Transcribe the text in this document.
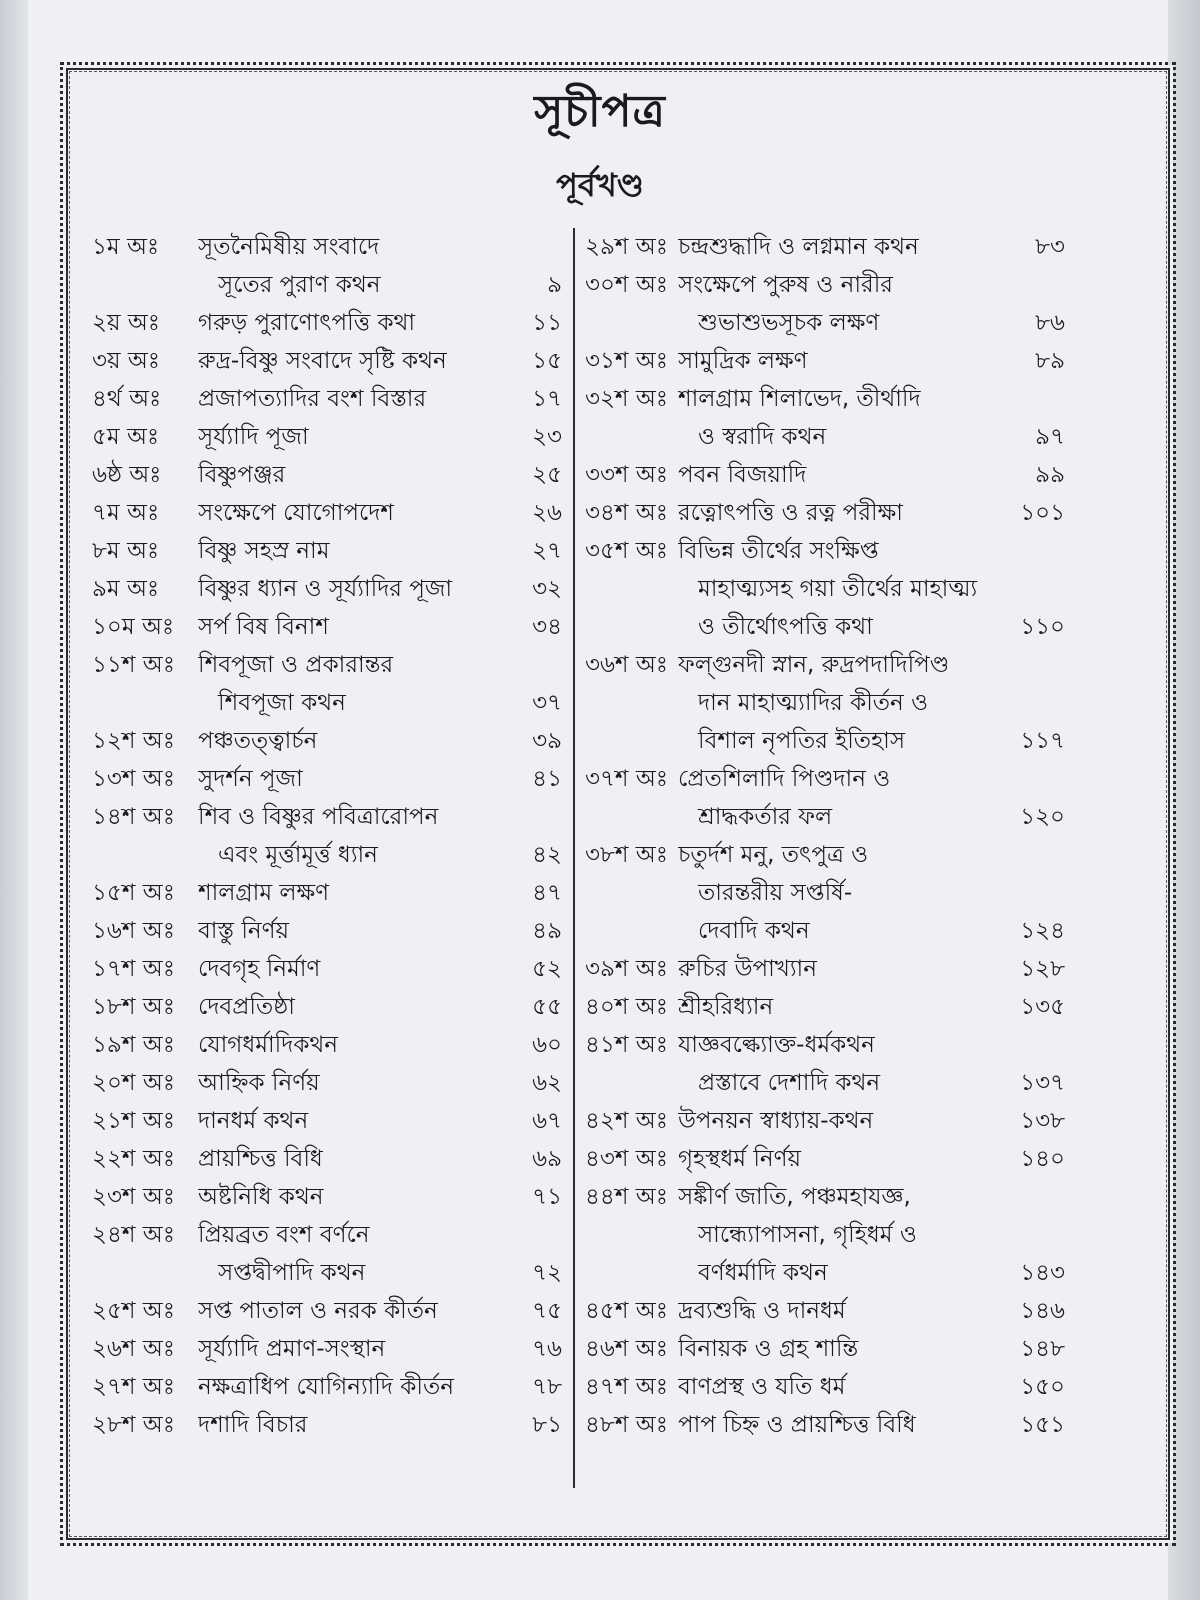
সূচীপত্র
পূর্বখণ্ড
১ম অঃ	সূতনৈমিষীয় সংবাদে
সূতের পুরাণ কথন	৯
২য় অঃ	গরুড় পুরাণোৎপত্তি কথা	১১
৩য় অঃ	রুদ্র-বিষ্ণু সংবাদে সৃষ্টি কথন	১৫
৪র্থ অঃ	প্রজাপত্যাদির বংশ বিস্তার	১৭
৫ম অঃ	সূর্য্যাদি পূজা	২৩
৬ষ্ঠ অঃ	বিষ্ণুপঞ্জর	২৫
৭ম অঃ	সংক্ষেপে যোগোপদেশ	২৬
৮ম অঃ	বিষ্ণু সহস্র নাম	২৭
৯ম অঃ	বিষ্ণুর ধ্যান ও সূর্য্যাদির পূজা	৩২
১০ম অঃ	সর্প বিষ বিনাশ	৩৪
১১শ অঃ	শিবপূজা ও প্রকারান্তর
শিবপূজা কথন	৩৭
১২শ অঃ	পঞ্চতত্ত্বার্চন	৩৯
১৩শ অঃ	সুদর্শন পূজা	৪১
১৪শ অঃ	শিব ও বিষ্ণুর পবিত্রারোপন
এবং মূর্ত্তামূর্ত্ত ধ্যান	৪২
১৫শ অঃ	শালগ্রাম লক্ষণ	৪৭
১৬শ অঃ	বাস্তু নির্ণয়	৪৯
১৭শ অঃ	দেবগৃহ নির্মাণ	৫২
১৮শ অঃ	দেবপ্রতিষ্ঠা	৫৫
১৯শ অঃ	যোগধর্মাদিকথন	৬০
২০শ অঃ আহ্নিক নির্ণয়	৬২
২১শ অঃ	দানধর্ম কথন	৬৭
২২শ অঃ প্রায়শ্চিত্ত বিধি	৬৯
২৩শ অঃ অষ্টনিধি কথন	৭১
২৪শ অঃ	প্রিয়ব্রত বংশ বর্ণনে
সপ্তদ্বীপাদি কথন	৭২
২৫শ অঃ	সপ্ত পাতাল ও নরক কীর্তন	৭৫
২৬শ অঃ সূর্য্যাদি প্রমাণ-সংস্থান	৭৬
২৭শ অঃ নক্ষত্রাধিপ যোগিন্যাদি কীর্তন	৭৮
২৮শ অঃ	দশাদি বিচার	৮১
২৯শ অঃ চন্দ্রশুদ্ধাদি ও লগ্নমান কথন	৮৩
৩০শ অঃ সংক্ষেপে পুরুষ ও নারীর
শুভাশুভসূচক লক্ষণ	৮৬
৩১শ অঃ সামুদ্রিক লক্ষণ	৮৯
৩২শ অঃ শালগ্রাম শিলাভেদ, তীর্থাদি
ও স্বরাদি কথন	৯৭
৩৩শ অঃ পবন বিজয়াদি	৯৯
৩৪শ অঃ রত্নোৎপত্তি ও রত্ন পরীক্ষা	১০১
৩৫শ অঃ বিভিন্ন তীর্থের সংক্ষিপ্ত
মাহাত্ম্যসহ গয়া তীর্থের মাহাত্ম্য
ও তীর্থোৎপত্তি কথা	১১০
৩৬শ অঃ ফল্গুনদী স্নান, রুদ্রপদাদিপিণ্ড
দান মাহাত্ম্যাদির কীর্তন ও
বিশাল নৃপতির ইতিহাস	১১৭
৩৭শ অঃ প্রেতশিলাদি পিণ্ডদান ও
শ্রাদ্ধকর্তার ফল	১২০
৩৮শ অঃ চতুর্দশ মনু, তৎপুত্র ও
তারন্তরীয় সপ্তর্ষি-
দেবাদি কথন	১২৪
৩৯শ অঃ রুচির উপাখ্যান	১২৮
৪০শ অঃ শ্রীহরিধ্যান	১৩৫
৪১শ অঃ যাজ্ঞবল্ক্যোক্ত-ধর্মকথন
প্রস্তাবে দেশাদি কথন	১৩৭
৪২শ অঃ উপনয়ন স্বাধ্যায়-কথন	১৩৮
৪৩শ অঃ গৃহস্থধর্ম নির্ণয়	১৪০
৪৪শ অঃ সঙ্কীর্ণ জাতি, পঞ্চমহাযজ্ঞ,
সান্ধ্যোপাসনা, গৃহিধর্ম ও
বর্ণধর্মাদি কথন	১৪৩
৪৫শ অঃ দ্রব্যশুদ্ধি ও দানধর্ম	১৪৬
৪৬শ অঃ বিনায়ক ও গ্রহ শান্তি	১৪৮
৪৭শ অঃ বাণপ্রস্থ ও যতি ধর্ম	১৫০
৪৮শ অঃ পাপ চিহ্ন ও প্রায়শ্চিত্ত বিধি	১৫১
